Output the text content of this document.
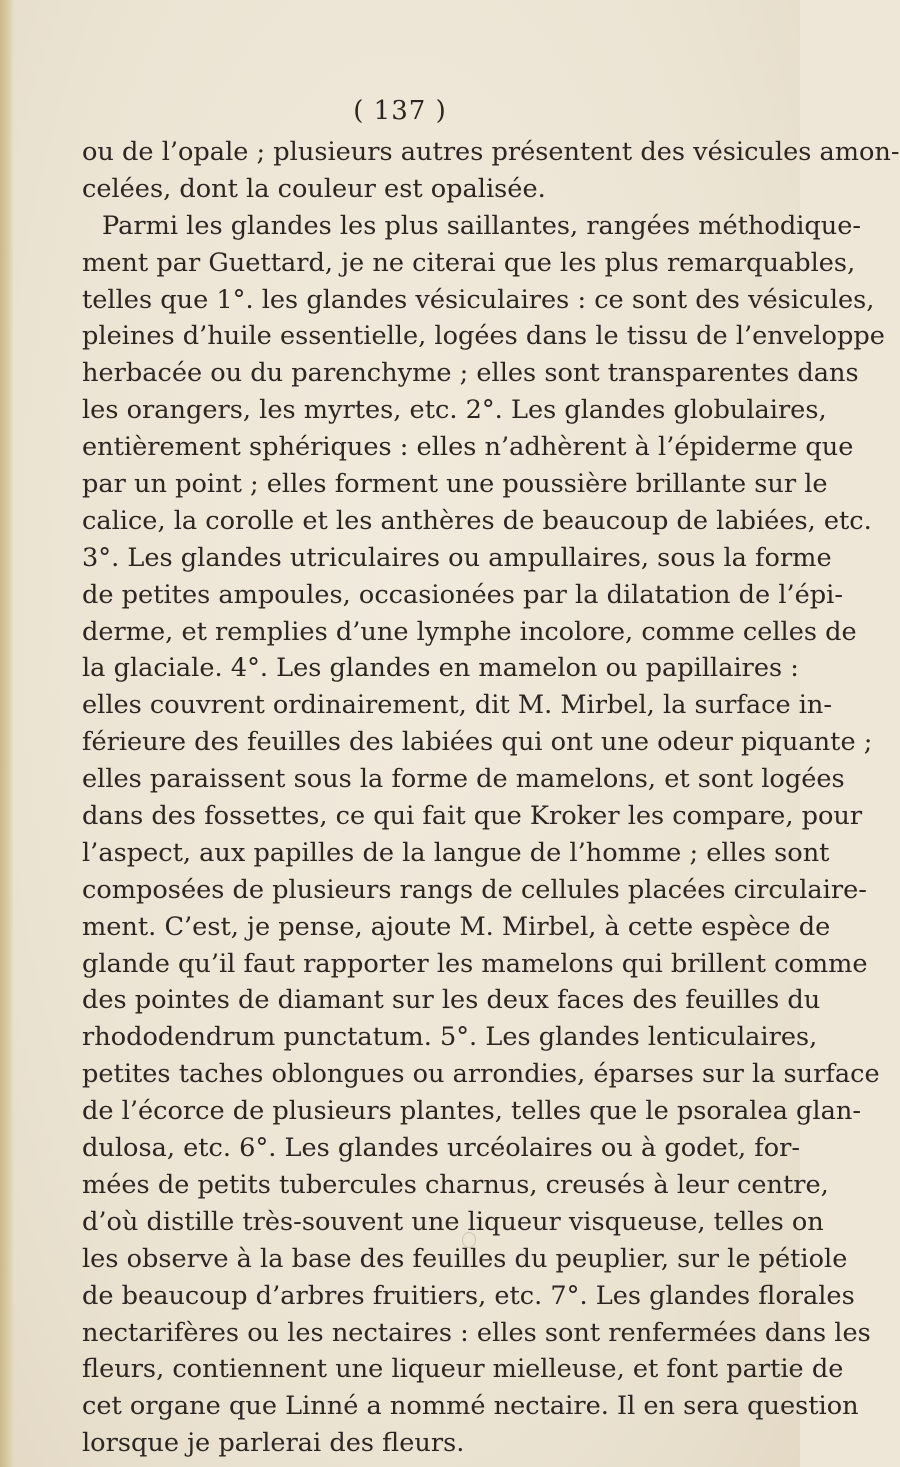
( 137 )
ou de l’opale ; plusieurs autres présentent des vésicules amon-
celées, dont la couleur est opalisée.
Parmi les glandes les plus saillantes, rangées méthodique-
ment par Guettard, je ne citerai que les plus remarquables,
telles que 1°. les glandes vésiculaires : ce sont des vésicules,
pleines d’huile essentielle, logées dans le tissu de l’enveloppe
herbacée ou du parenchyme ; elles sont transparentes dans
les orangers, les myrtes, etc. 2°. Les glandes globulaires,
entièrement sphériques : elles n’adhèrent à l’épiderme que
par un point ; elles forment une poussière brillante sur le
calice, la corolle et les anthères de beaucoup de labiées, etc.
3°. Les glandes utriculaires ou ampullaires, sous la forme
de petites ampoules, occasionées par la dilatation de l’épi-
derme, et remplies d’une lymphe incolore, comme celles de
la glaciale. 4°. Les glandes en mamelon ou papillaires :
elles couvrent ordinairement, dit M. Mirbel, la surface in-
férieure des feuilles des labiées qui ont une odeur piquante ;
elles paraissent sous la forme de mamelons, et sont logées
dans des fossettes, ce qui fait que Kroker les compare, pour
l’aspect, aux papilles de la langue de l’homme ; elles sont
composées de plusieurs rangs de cellules placées circulaire-
ment. C’est, je pense, ajoute M. Mirbel, à cette espèce de
glande qu’il faut rapporter les mamelons qui brillent comme
des pointes de diamant sur les deux faces des feuilles du
rhododendrum punctatum. 5°. Les glandes lenticulaires,
petites taches oblongues ou arrondies, éparses sur la surface
de l’écorce de plusieurs plantes, telles que le psoralea glan-
dulosa, etc. 6°. Les glandes urcéolaires ou à godet, for-
mées de petits tubercules charnus, creusés à leur centre,
d’où distille très-souvent une liqueur visqueuse, telles on
les observe à la base des feuilles du peuplier, sur le pétiole
de beaucoup d’arbres fruitiers, etc. 7°. Les glandes florales
nectarifères ou les nectaires : elles sont renfermées dans les
fleurs, contiennent une liqueur mielleuse, et font partie de
cet organe que Linné a nommé nectaire. Il en sera question
lorsque je parlerai des fleurs.
